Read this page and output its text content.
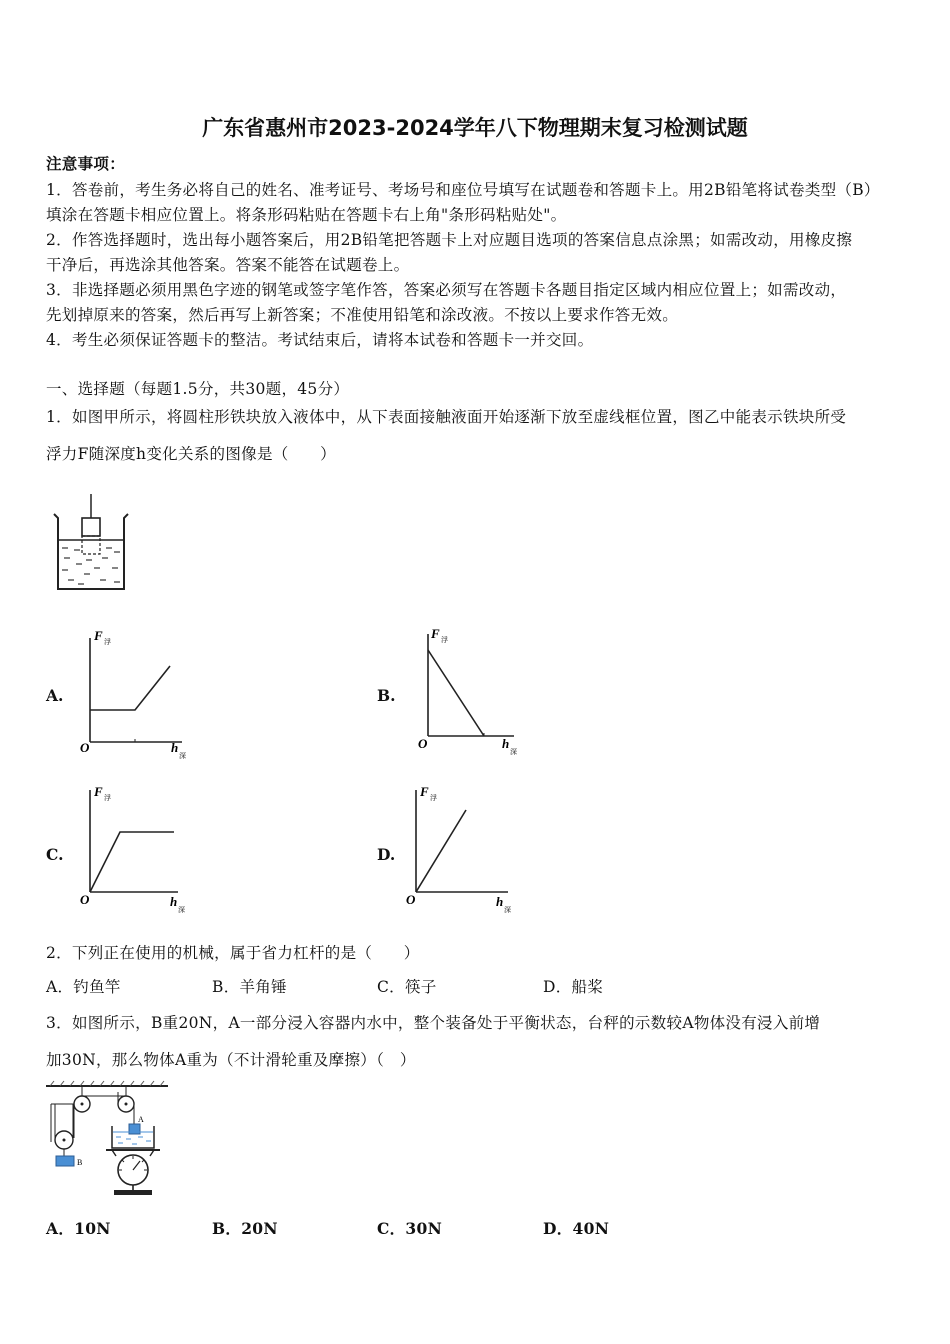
广东省惠州市2023-2024学年八下物理期末复习检测试题
注意事项：
1．答卷前，考生务必将自己的姓名、准考证号、考场号和座位号填写在试题卷和答题卡上。用2B铅笔将试卷类型（B）
填涂在答题卡相应位置上。将条形码粘贴在答题卡右上角"条形码粘贴处"。
2．作答选择题时，选出每小题答案后，用2B铅笔把答题卡上对应题目选项的答案信息点涂黑；如需改动，用橡皮擦
干净后，再选涂其他答案。答案不能答在试题卷上。
3．非选择题必须用黑色字迹的钢笔或签字笔作答，答案必须写在答题卡各题目指定区域内相应位置上；如需改动，
先划掉原来的答案，然后再写上新答案；不准使用铅笔和涂改液。不按以上要求作答无效。
4．考生必须保证答题卡的整洁。考试结束后，请将本试卷和答题卡一并交回。
一、选择题（每题1.5分，共30题，45分）
1．如图甲所示，将圆柱形铁块放入液体中，从下表面接触液面开始逐渐下放至虚线框位置，图乙中能表示铁块所受
浮力F随深度h变化关系的图像是（　　）
A.
F 浮
O	h
深
B.
F 浮
O	h
深
C.
F 浮
O	h
深
D.
F 浮
O	h
深
2．下列正在使用的机械，属于省力杠杆的是（　　）
A．钓鱼竿	B．羊角锤	C．筷子	D．船桨
3．如图所示，B重20N，A一部分浸入容器内水中，整个装备处于平衡状态，台秤的示数较A物体没有浸入前增
加30N，那么物体A重为（不计滑轮重及摩擦）（　）
B
A
A．10N	B．20N	C．30N	D．40N
